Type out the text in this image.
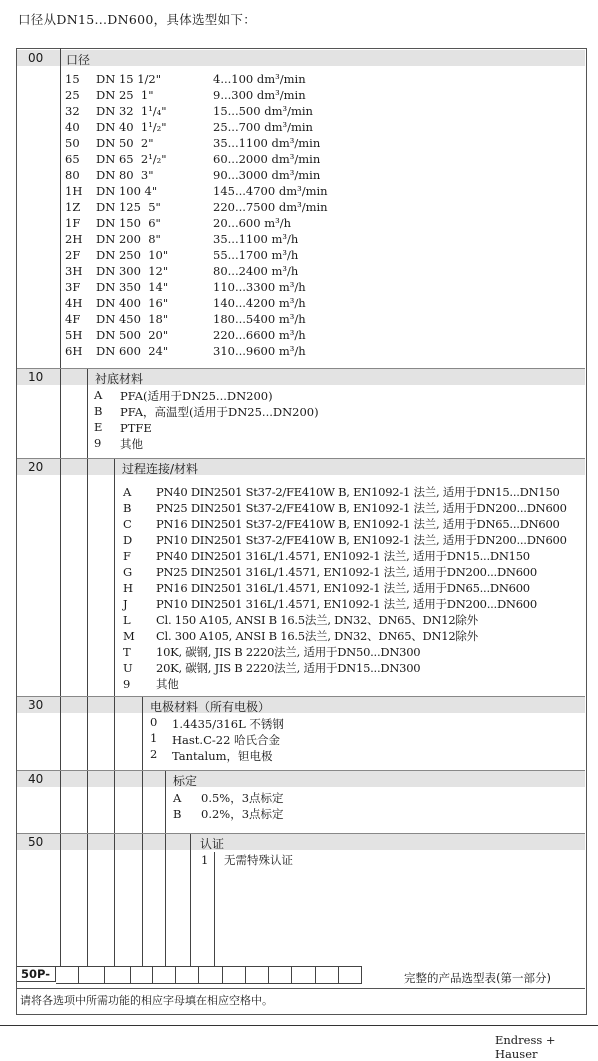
口径从DN15...DN600，具体选型如下：
00
10
20
30
40
50
口径
衬底材料
过程连接/材料
电极材料（所有电极）
标定
认证
15
25
32
40
50
65
80
1H
1Z
1F
2H
2F
3H
3F
4H
4F
5H
6H
DN 15 1/2"
DN 25  1"
DN 32  1¹/₄"
DN 40  1¹/₂"
DN 50  2"
DN 65  2¹/₂"
DN 80  3"
DN 100 4"
DN 125  5"
DN 150  6"
DN 200  8"
DN 250  10"
DN 300  12"
DN 350  14"
DN 400  16"
DN 450  18"
DN 500  20"
DN 600  24"
4...100 dm³/min
9...300 dm³/min
15...500 dm³/min
25...700 dm³/min
35...1100 dm³/min
60...2000 dm³/min
90...3000 dm³/min
145...4700 dm³/min
220...7500 dm³/min
20...600 m³/h
35...1100 m³/h
55...1700 m³/h
80...2400 m³/h
110...3300 m³/h
140...4200 m³/h
180...5400 m³/h
220...6600 m³/h
310...9600 m³/h
A
B
E
9
PFA(适用于DN25...DN200)
PFA，高温型(适用于DN25...DN200)
PTFE
其他
A
B
C
D
F
G
H
J
L
M
T
U
9
PN40 DIN2501 St37-2/FE410W B, EN1092-1 法兰, 适用于DN15...DN150
PN25 DIN2501 St37-2/FE410W B, EN1092-1 法兰, 适用于DN200...DN600
PN16 DIN2501 St37-2/FE410W B, EN1092-1 法兰, 适用于DN65...DN600
PN10 DIN2501 St37-2/FE410W B, EN1092-1 法兰, 适用于DN200...DN600
PN40 DIN2501 316L/1.4571, EN1092-1 法兰, 适用于DN15...DN150
PN25 DIN2501 316L/1.4571, EN1092-1 法兰, 适用于DN200...DN600
PN16 DIN2501 316L/1.4571, EN1092-1 法兰, 适用于DN65...DN600
PN10 DIN2501 316L/1.4571, EN1092-1 法兰, 适用于DN200...DN600
Cl. 150 A105, ANSI B 16.5法兰, DN32、DN65、DN12除外
Cl. 300 A105, ANSI B 16.5法兰, DN32、DN65、DN12除外
10K, 碳钢, JIS B 2220法兰, 适用于DN50...DN300
20K, 碳钢, JIS B 2220法兰, 适用于DN15...DN300
其他
0
1
2
1.4435/316L 不锈钢
Hast.C-22 哈氏合金
Tantalum，钽电极
A
B
0.5%，3点标定
0.2%，3点标定
1 无需特殊认证
50P-	完整的产品选型表(第一部分)
请将各选项中所需功能的相应字母填在相应空格中。
Endress + Hauser
